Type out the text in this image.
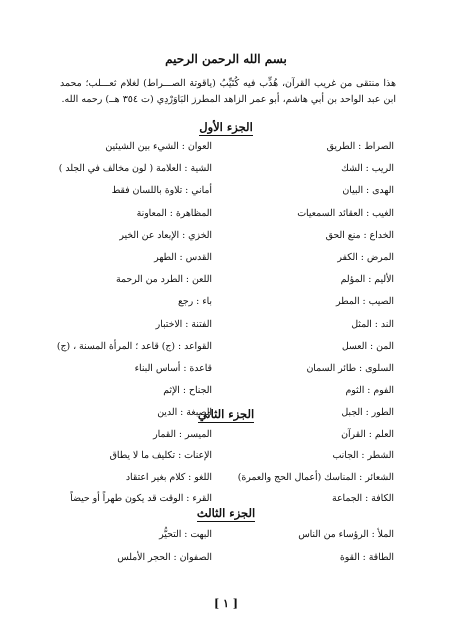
بسم الله الرحمن الرحيم
هذا منتقى من غريب القرآن، هُذِّب فيه كُتَيِّبُ (ياقوتة الصـــراط) لغلام ثعـــلب؛ محمد ابن عبد الواحد بن أبي هاشم، أبو عمر الزاهد المطرز البَاوَرْدِي (ت ٣٥٤ هــ) رحمه الله.
الجزء الأول
الصراط : الطريق
العوان : الشيء بين الشيئين
الريب : الشك
الشية : العلامة ( لون مخالف في الجلد )
الهدى : البيان
أماني : تلاوة باللسان فقط
الغيب : العقائد السمعيات
المظاهرة : المعاونة
الخداع : منع الحق
الخزي : الإبعاد عن الخير
المرض : الكفر
القدس : الطهر
الأليم : المؤلم
اللعن : الطرد من الرحمة
الصيب : المطر
باء : رجع
الند : المثل
الفتنة : الاختبار
المن : العسل
القواعد : (ج) قاعد ؛ المرأة المسنة ، (ج)
السلوى : طائر السمان
قاعدة : أساس البناء
الفوم : الثوم
الجناح : الإثم
الطور : الجبل
الصبغة : الدين
الجزء الثاني
العلم : القرآن
الميسر : القمار
الشطر : الجانب
الإعنات : تكليف ما لا يطاق
الشعائر : المناسك (أعمال الحج والعمرة)
اللغو : كلام بغير اعتقاد
الكافة : الجماعة
القرء : الوقت قد يكون طهراً أو حيضاً
الجزء الثالث
الملأ : الرؤساء من الناس
البهت : التحيُّر
الطاقة : القوة
الصفوان : الحجر الأملس
[ ١ ]
